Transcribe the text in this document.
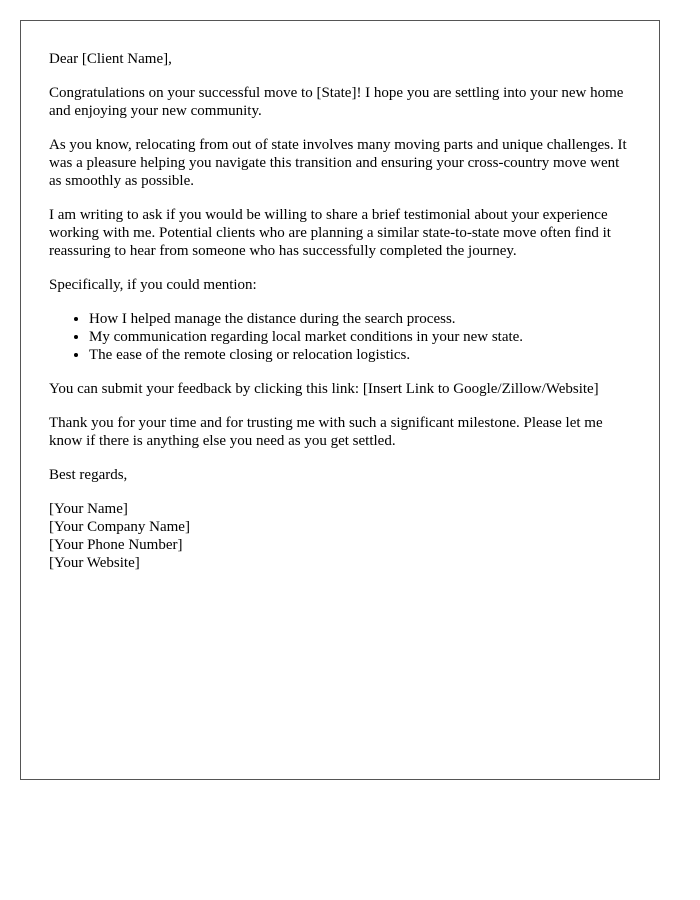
Dear [Client Name],

Congratulations on your successful move to [State]! I hope you are settling into your new home and enjoying your new community.

As you know, relocating from out of state involves many moving parts and unique challenges. It was a pleasure helping you navigate this transition and ensuring your cross-country move went as smoothly as possible.

I am writing to ask if you would be willing to share a brief testimonial about your experience working with me. Potential clients who are planning a similar state-to-state move often find it reassuring to hear from someone who has successfully completed the journey.

Specifically, if you could mention:

• How I helped manage the distance during the search process.
• My communication regarding local market conditions in your new state.
• The ease of the remote closing or relocation logistics.

You can submit your feedback by clicking this link: [Insert Link to Google/Zillow/Website]

Thank you for your time and for trusting me with such a significant milestone. Please let me know if there is anything else you need as you get settled.

Best regards,

[Your Name]
[Your Company Name]
[Your Phone Number]
[Your Website]
